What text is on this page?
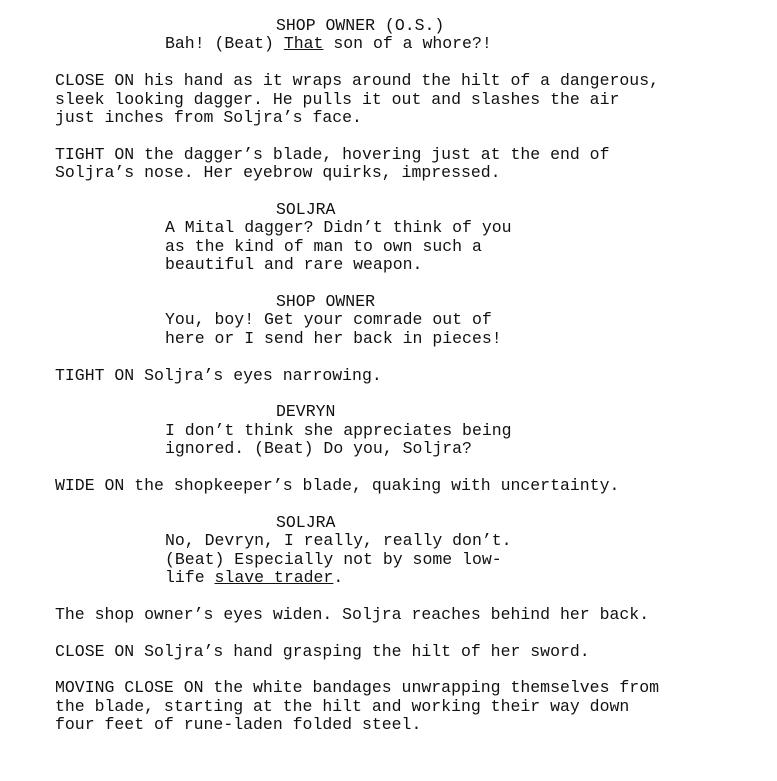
SHOP OWNER (O.S.)
Bah! (Beat) That son of a whore?!
CLOSE ON his hand as it wraps around the hilt of a dangerous,
sleek looking dagger. He pulls it out and slashes the air
just inches from Soljra’s face.
TIGHT ON the dagger’s blade, hovering just at the end of
Soljra’s nose. Her eyebrow quirks, impressed.
SOLJRA
A Mital dagger? Didn’t think of you
as the kind of man to own such a
beautiful and rare weapon.
SHOP OWNER
You, boy! Get your comrade out of
here or I send her back in pieces!
TIGHT ON Soljra’s eyes narrowing.
DEVRYN
I don’t think she appreciates being
ignored. (Beat) Do you, Soljra?
WIDE ON the shopkeeper’s blade, quaking with uncertainty.
SOLJRA
No, Devryn, I really, really don’t.
(Beat) Especially not by some low-
life slave trader.
The shop owner’s eyes widen. Soljra reaches behind her back.
CLOSE ON Soljra’s hand grasping the hilt of her sword.
MOVING CLOSE ON the white bandages unwrapping themselves from
the blade, starting at the hilt and working their way down
four feet of rune-laden folded steel.
